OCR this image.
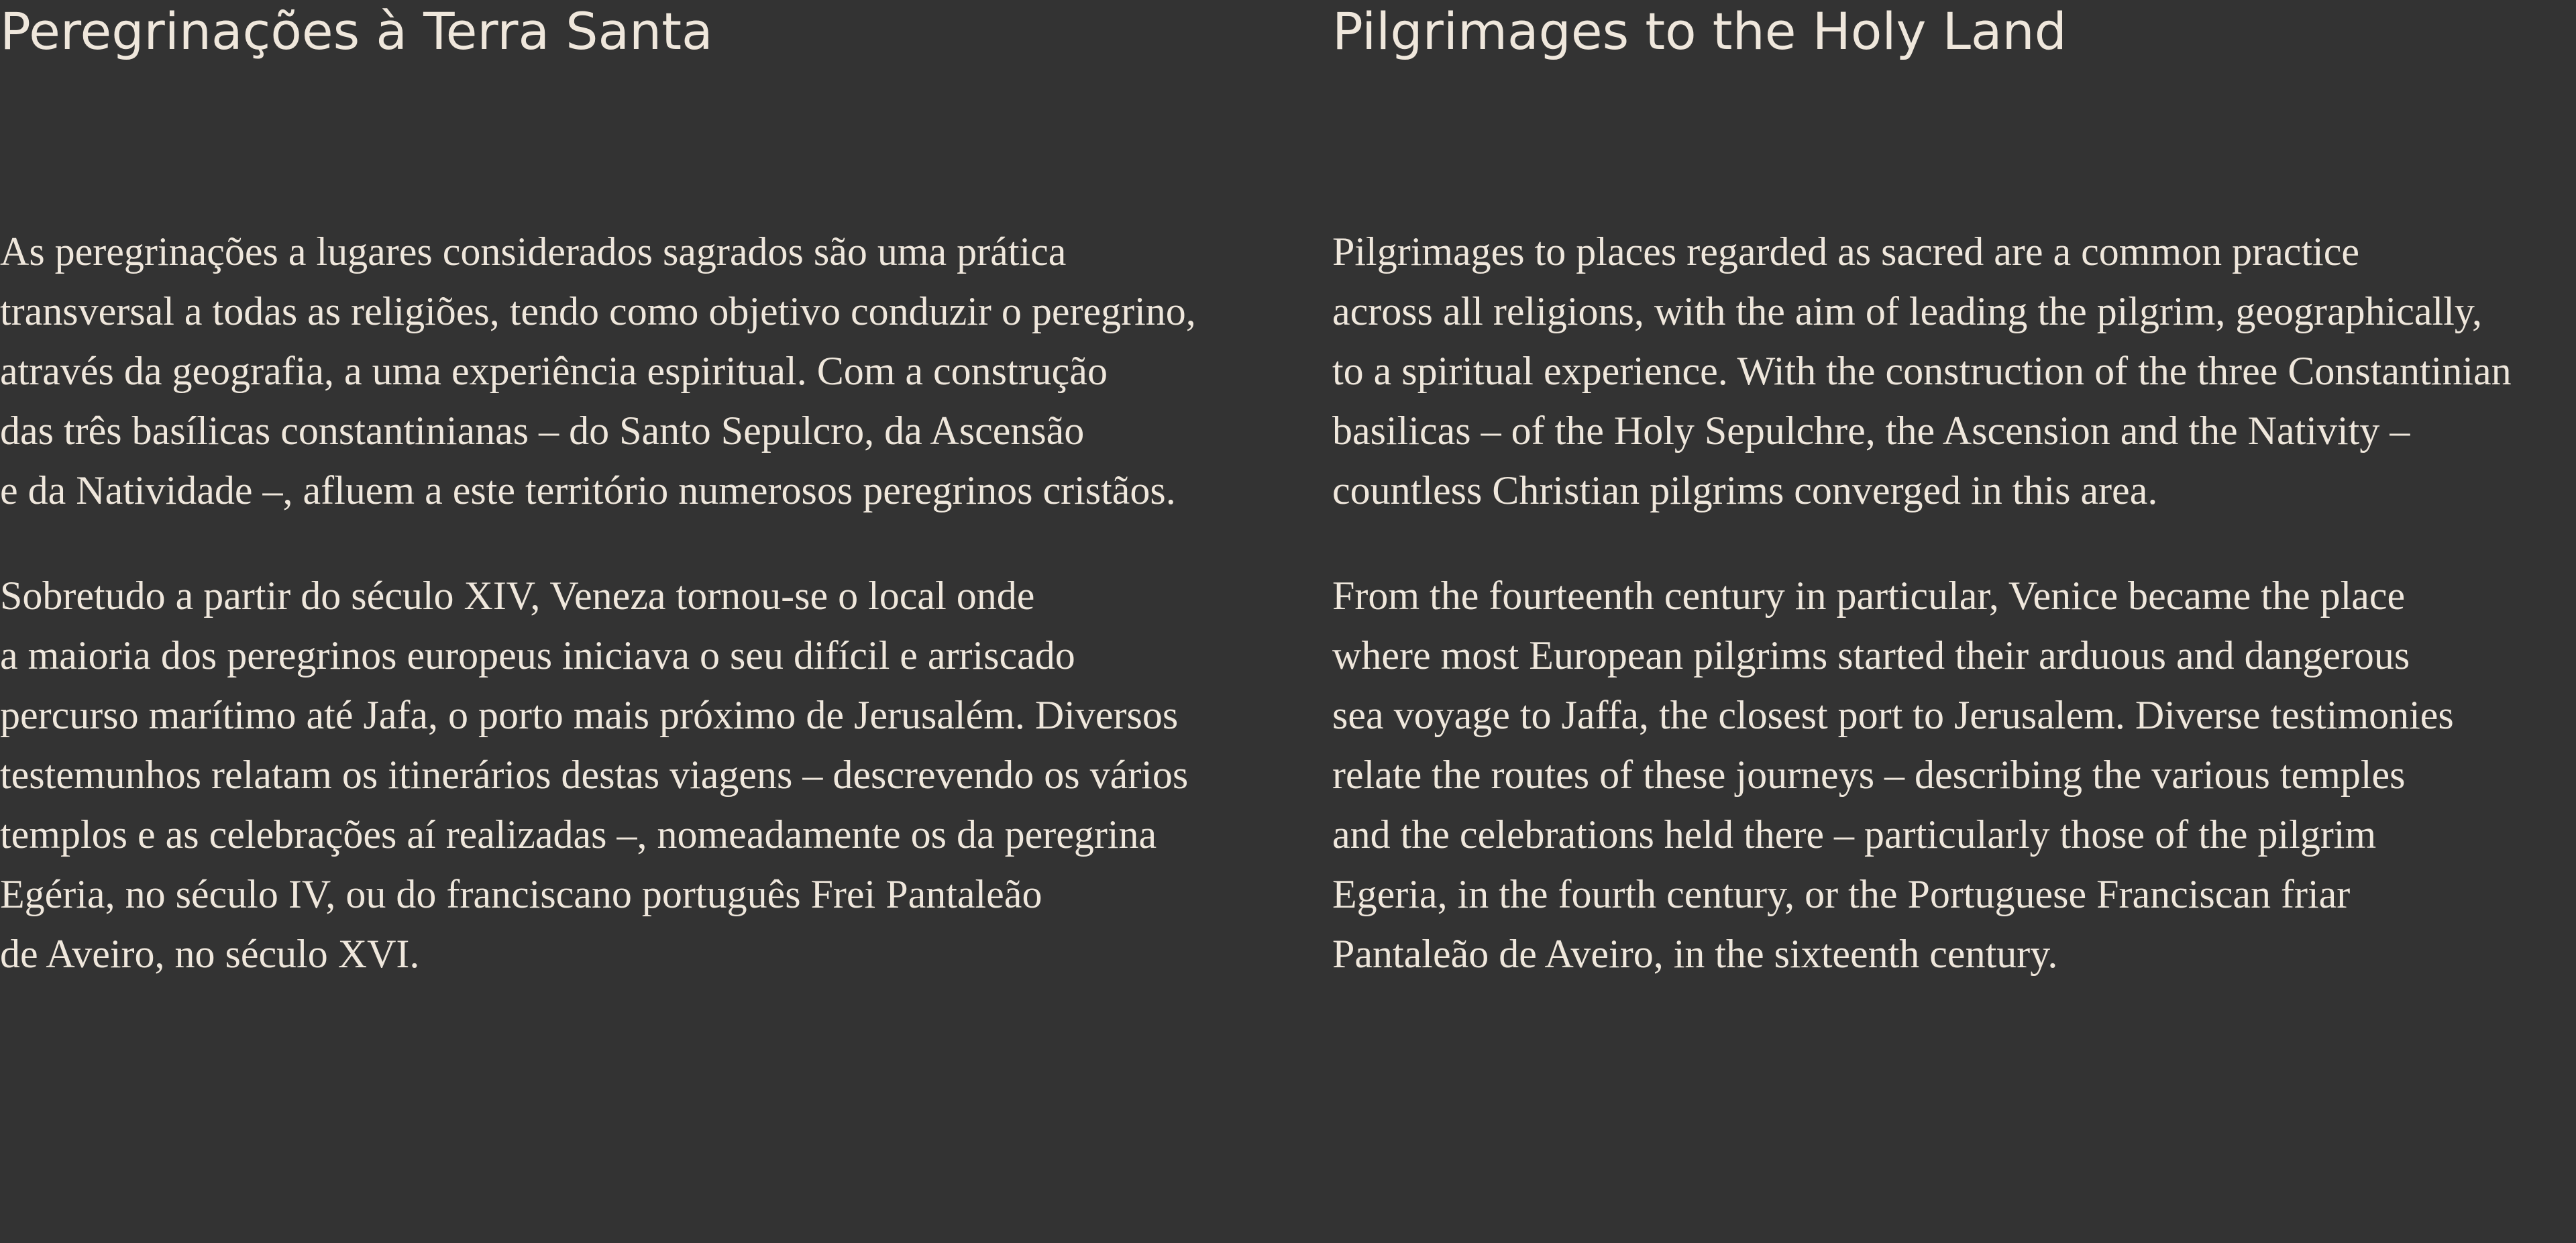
Peregrinações à Terra Santa

As peregrinações a lugares considerados sagrados são uma prática
transversal a todas as religiões, tendo como objetivo conduzir o peregrino,
através da geografia, a uma experiência espiritual. Com a construção
das três basílicas constantinianas – do Santo Sepulcro, da Ascensão
e da Natividade –, afluem a este território numerosos peregrinos cristãos.

Sobretudo a partir do século XIV, Veneza tornou-se o local onde
a maioria dos peregrinos europeus iniciava o seu difícil e arriscado
percurso marítimo até Jafa, o porto mais próximo de Jerusalém. Diversos
testemunhos relatam os itinerários destas viagens – descrevendo os vários
templos e as celebrações aí realizadas –, nomeadamente os da peregrina
Egéria, no século IV, ou do franciscano português Frei Pantaleão
de Aveiro, no século XVI.

Pilgrimages to the Holy Land

Pilgrimages to places regarded as sacred are a common practice
across all religions, with the aim of leading the pilgrim, geographically,
to a spiritual experience. With the construction of the three Constantinian
basilicas – of the Holy Sepulchre, the Ascension and the Nativity –
countless Christian pilgrims converged in this area.

From the fourteenth century in particular, Venice became the place
where most European pilgrims started their arduous and dangerous
sea voyage to Jaffa, the closest port to Jerusalem. Diverse testimonies
relate the routes of these journeys – describing the various temples
and the celebrations held there – particularly those of the pilgrim
Egeria, in the fourth century, or the Portuguese Franciscan friar
Pantaleão de Aveiro, in the sixteenth century.
